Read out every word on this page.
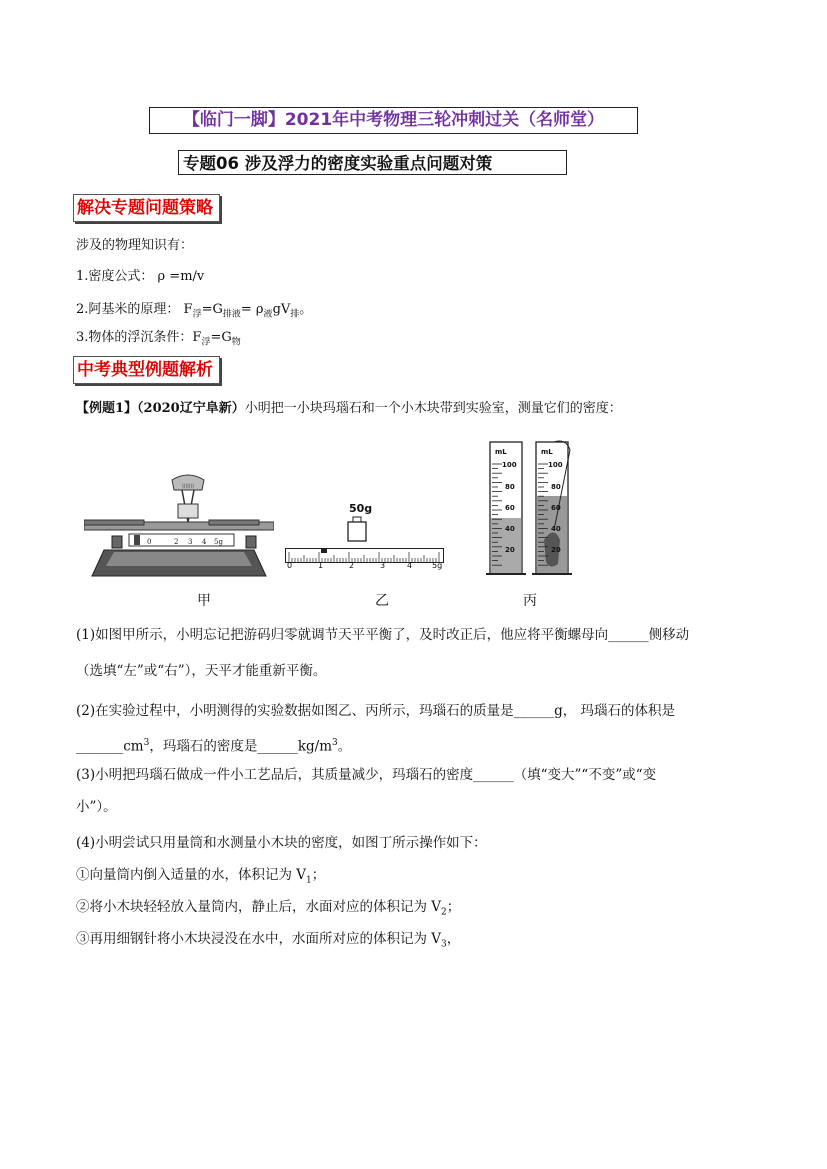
【临门一脚】2021年中考物理三轮冲刺过关（名师堂）
专题06 涉及浮力的密度实验重点问题对策
解决专题问题策略
涉及的物理知识有：
1.密度公式： ρ =m/v
2.阿基米的原理： $F_浮=G_{排液}= \rho_液gV_排$。
3.物体的浮沉条件：$F_浮=G_物$
中考典型例题解析
【例题1】（2020辽宁阜新）小明把一小块玛瑙石和一个小木块带到实验室，测量它们的密度：
|||||||
0	2 3 4 5g
50g
0	1	2	3	4 5g
mL	mL
100
80
60
40
20
100
80
60
40
20
甲	乙	丙
(1)如图甲所示，小明忘记把游码归零就调节天平平衡了，及时改正后，他应将平衡螺母向______侧移动
（选填“左”或“右”），天平才能重新平衡。
(2)在实验过程中，小明测得的实验数据如图乙、丙所示，玛瑙石的质量是______g， 玛瑙石的体积是
$\_\_\_\_\_\_\_cm^3$，玛瑙石的密度是$\_\_\_\_\_\_kg/m^3$。
(3)小明把玛瑙石做成一件小工艺品后，其质量减少，玛瑙石的密度______（填“变大”“不变”或“变
小”）。
(4)小明尝试只用量筒和水测量小木块的密度，如图丁所示操作如下：
①向量筒内倒入适量的水，体积记为 $V_1$；
②将小木块轻轻放入量筒内，静止后，水面对应的体积记为 $V_2$；
③再用细钢针将小木块浸没在水中，水面所对应的体积记为 $V_3$，
